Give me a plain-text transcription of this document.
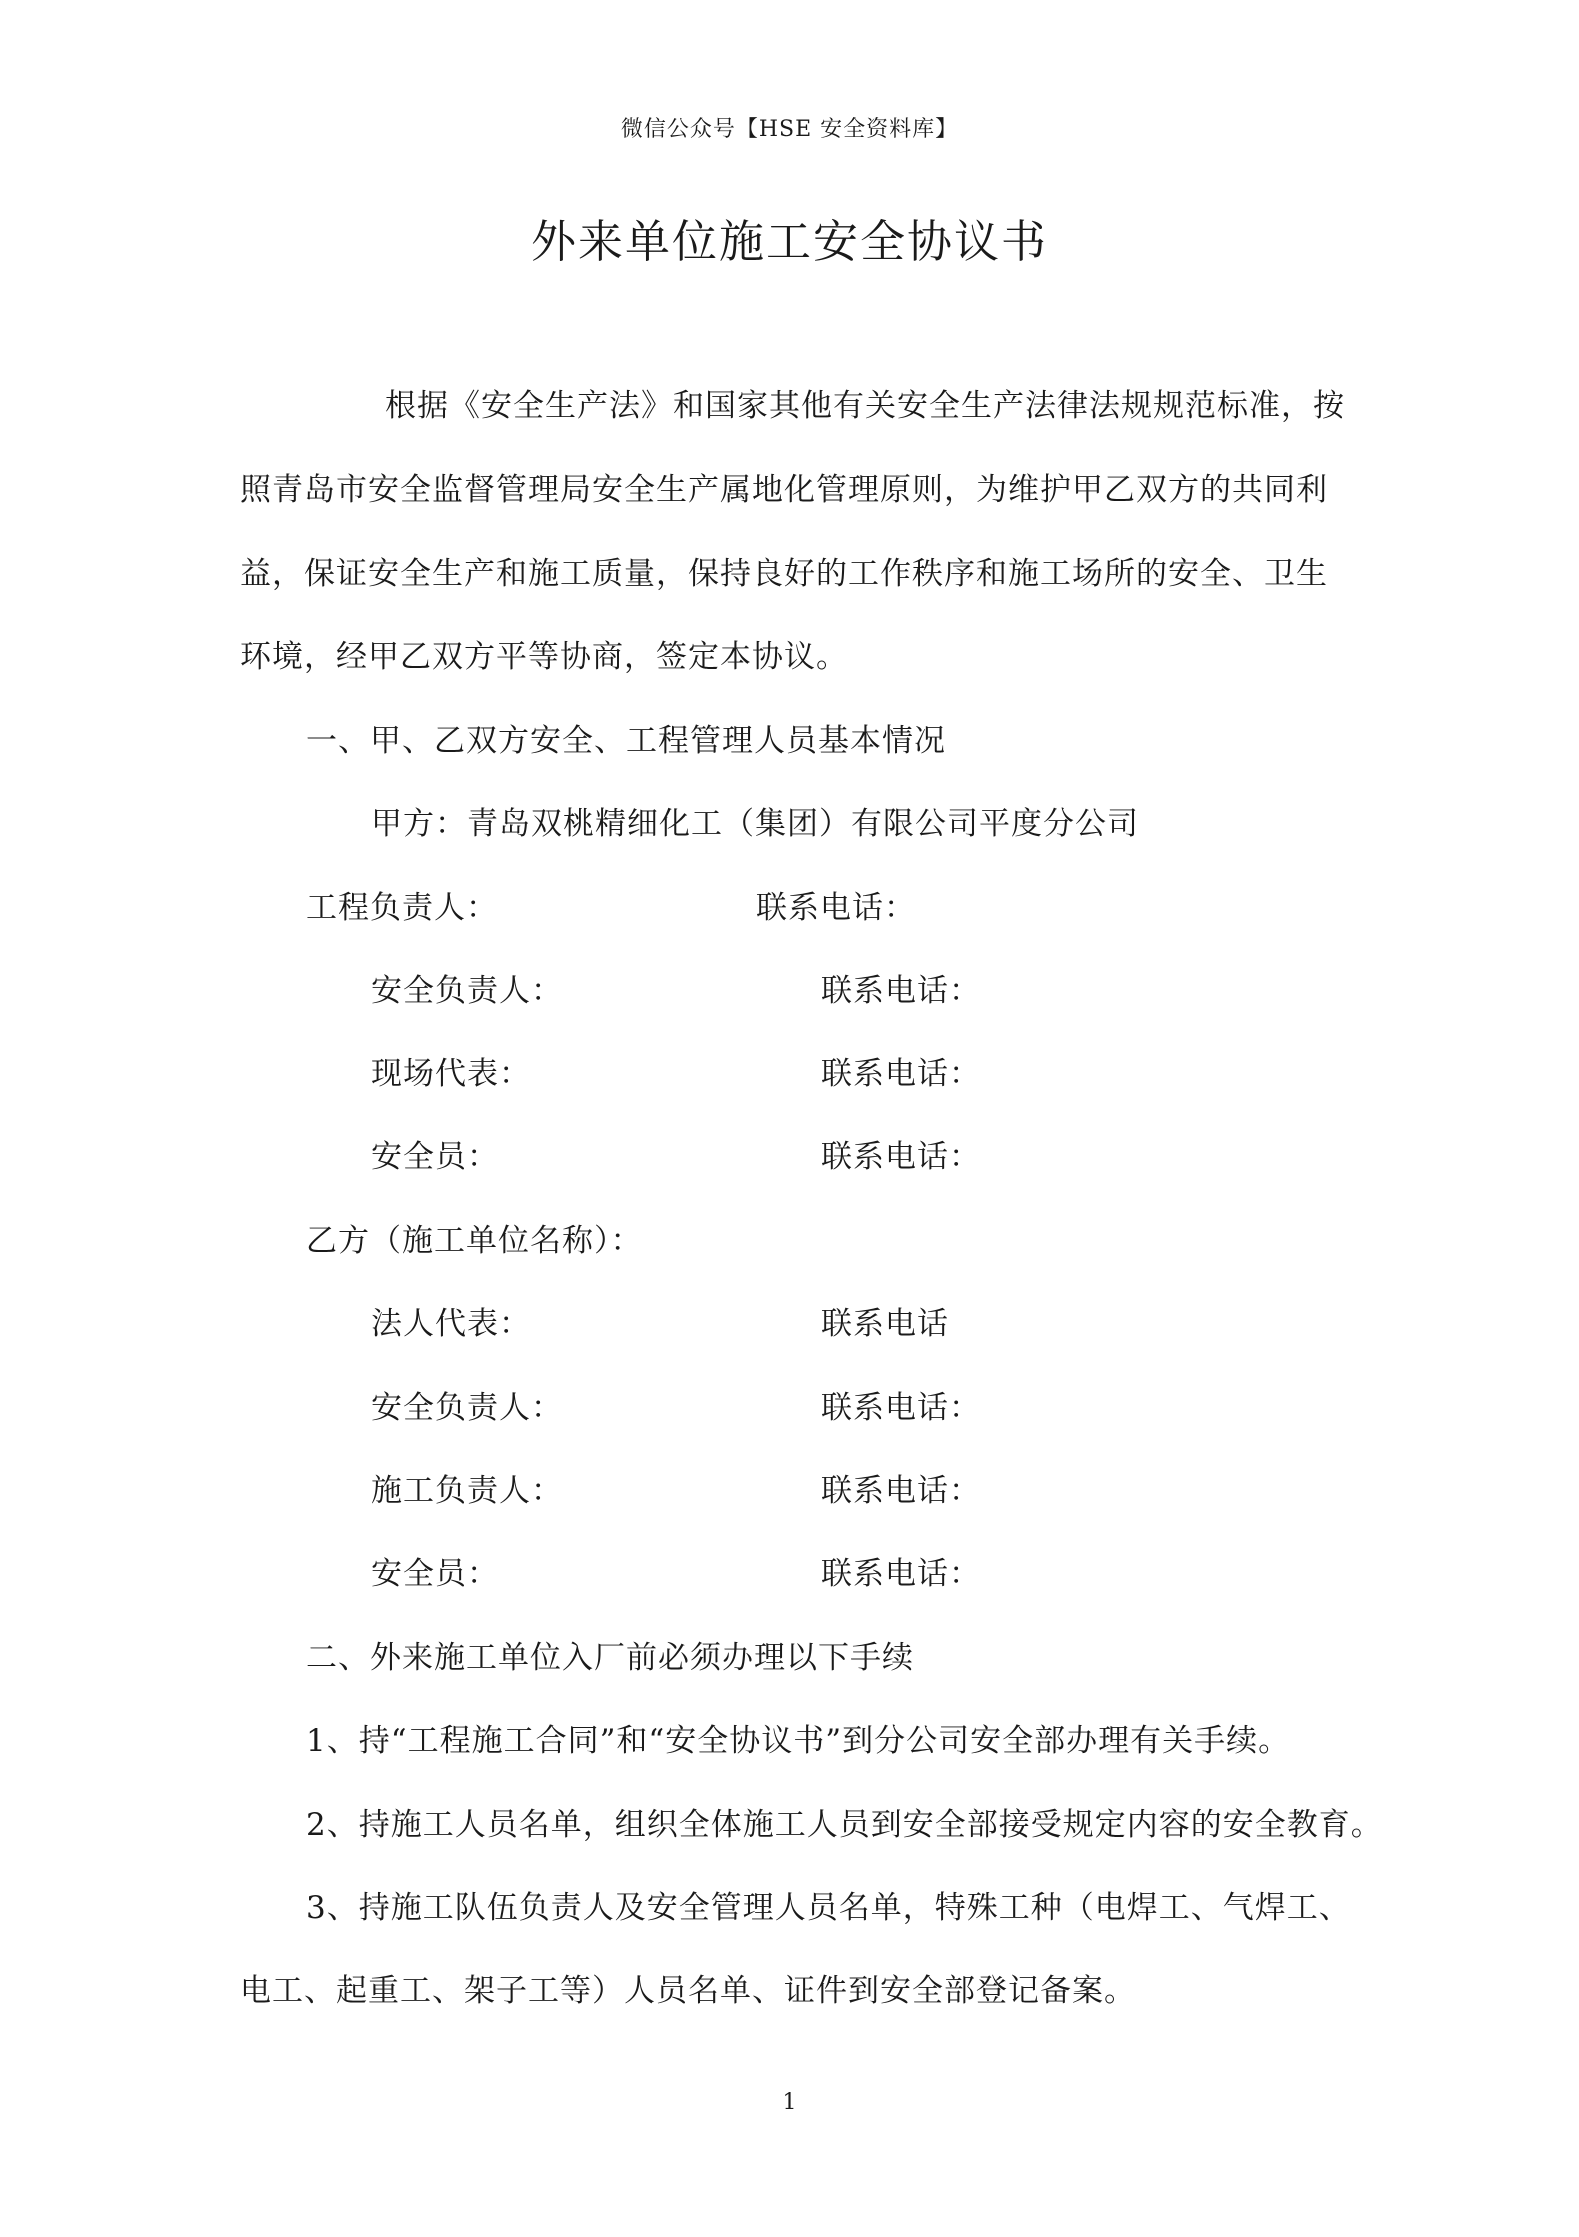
微信公众号【HSE 安全资料库】
外来单位施工安全协议书
根据《安全生产法》和国家其他有关安全生产法律法规规范标准，按
照青岛市安全监督管理局安全生产属地化管理原则，为维护甲乙双方的共同利
益，保证安全生产和施工质量，保持良好的工作秩序和施工场所的安全、卫生
环境，经甲乙双方平等协商，签定本协议。
一、甲、乙双方安全、工程管理人员基本情况
甲方：青岛双桃精细化工（集团）有限公司平度分公司
工程负责人：	联系电话：
安全负责人：	联系电话：
现场代表：	联系电话：
安全员：	联系电话：
乙方（施工单位名称）：
法人代表：	联系电话
安全负责人：	联系电话：
施工负责人：	联系电话：
安全员：	联系电话：
二、外来施工单位入厂前必须办理以下手续
1、持“工程施工合同”和“安全协议书”到分公司安全部办理有关手续。
2、持施工人员名单，组织全体施工人员到安全部接受规定内容的安全教育。
3、持施工队伍负责人及安全管理人员名单，特殊工种（电焊工、气焊工、
电工、起重工、架子工等）人员名单、证件到安全部登记备案。
1
